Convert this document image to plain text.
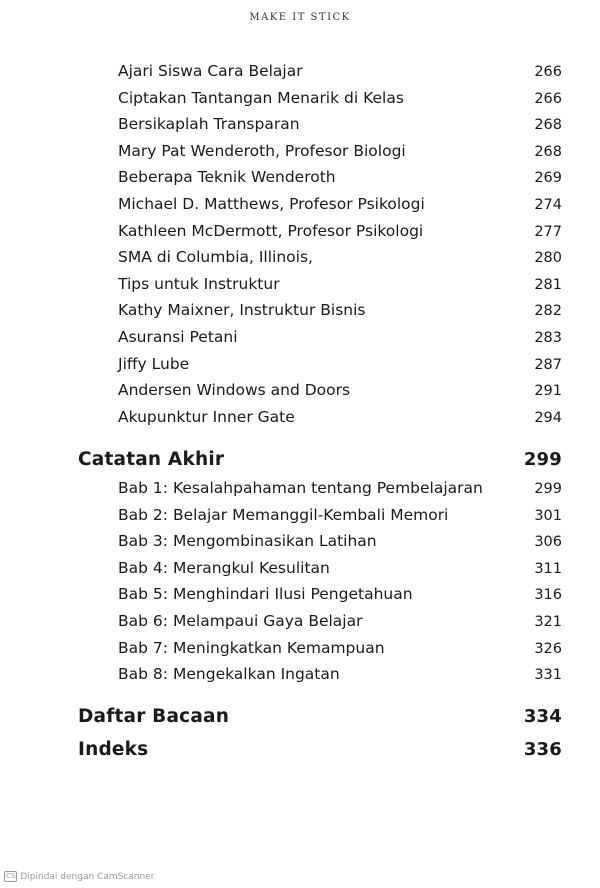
MAKE IT STICK
Ajari Siswa Cara Belajar	266
Ciptakan Tantangan Menarik di Kelas	266
Bersikaplah Transparan	268
Mary Pat Wenderoth, Profesor Biologi	268
Beberapa Teknik Wenderoth	269
Michael D. Matthews, Profesor Psikologi	274
Kathleen McDermott, Profesor Psikologi	277
SMA di Columbia, Illinois,	280
Tips untuk Instruktur	281
Kathy Maixner, Instruktur Bisnis	282
Asuransi Petani	283
Jiffy Lube	287
Andersen Windows and Doors	291
Akupunktur Inner Gate	294
Catatan Akhir	299
Bab 1: Kesalahpahaman tentang Pembelajaran	299
Bab 2: Belajar Memanggil-Kembali Memori	301
Bab 3: Mengombinasikan Latihan	306
Bab 4: Merangkul Kesulitan	311
Bab 5: Menghindari Ilusi Pengetahuan	316
Bab 6: Melampaui Gaya Belajar	321
Bab 7: Meningkatkan Kemampuan	326
Bab 8: Mengekalkan Ingatan	331
Daftar Bacaan	334
Indeks	336
CS Dipindai dengan CamScanner
